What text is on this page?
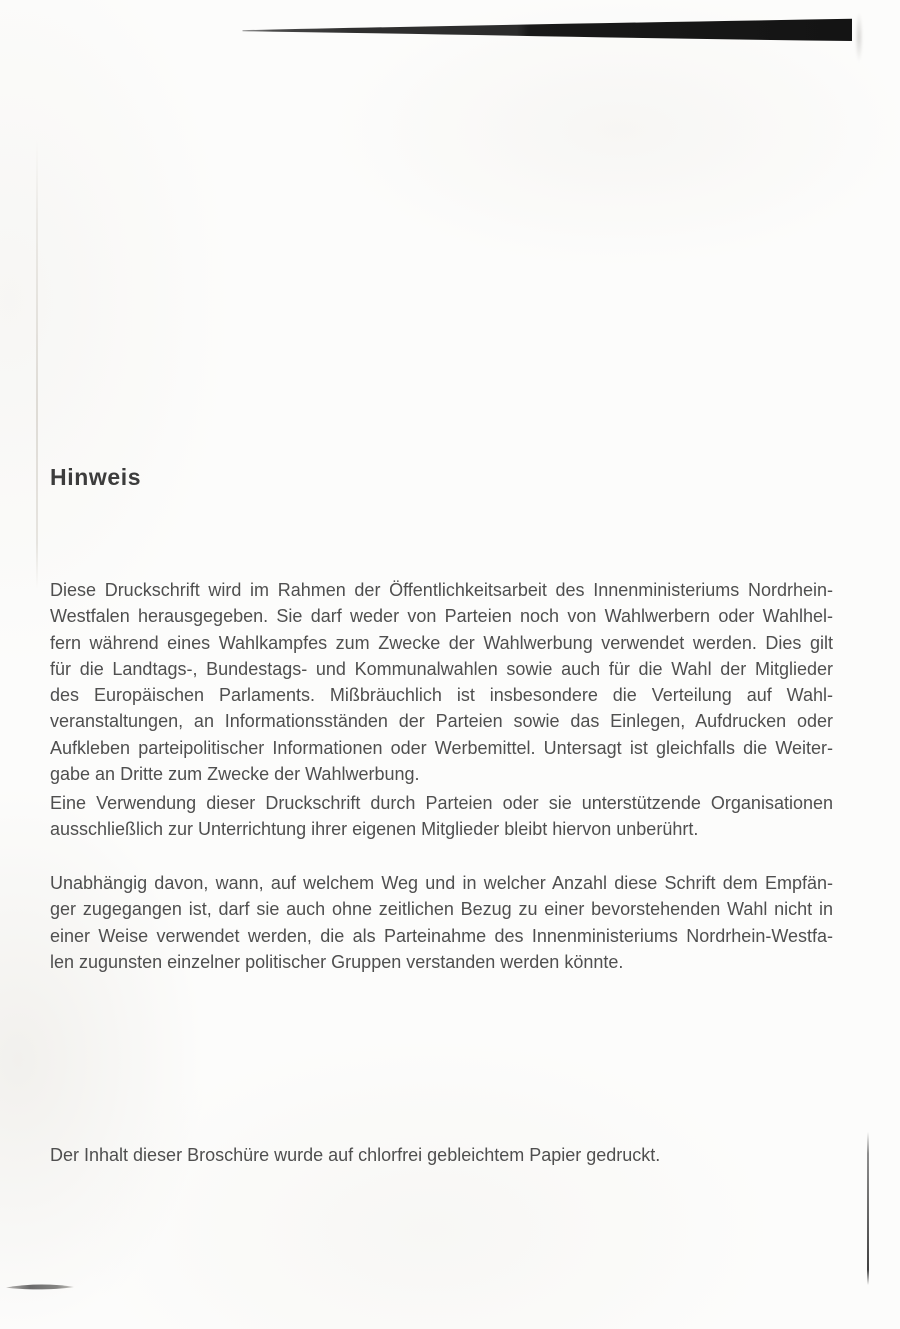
Hinweis
Diese Druckschrift wird im Rahmen der Öffentlichkeitsarbeit des Innenministeriums Nordrhein-
Westfalen herausgegeben. Sie darf weder von Parteien noch von Wahlwerbern oder Wahlhel-
fern während eines Wahlkampfes zum Zwecke der Wahlwerbung verwendet werden. Dies gilt
für die Landtags-, Bundestags- und Kommunalwahlen sowie auch für die Wahl der Mitglieder
des Europäischen Parlaments. Mißbräuchlich ist insbesondere die Verteilung auf Wahl-
veranstaltungen, an Informationsständen der Parteien sowie das Einlegen, Aufdrucken oder
Aufkleben parteipolitischer Informationen oder Werbemittel. Untersagt ist gleichfalls die Weiter-
gabe an Dritte zum Zwecke der Wahlwerbung.
Eine Verwendung dieser Druckschrift durch Parteien oder sie unterstützende Organisationen
ausschließlich zur Unterrichtung ihrer eigenen Mitglieder bleibt hiervon unberührt.
Unabhängig davon, wann, auf welchem Weg und in welcher Anzahl diese Schrift dem Empfän-
ger zugegangen ist, darf sie auch ohne zeitlichen Bezug zu einer bevorstehenden Wahl nicht in
einer Weise verwendet werden, die als Parteinahme des Innenministeriums Nordrhein-Westfa-
len zugunsten einzelner politischer Gruppen verstanden werden könnte.
Der Inhalt dieser Broschüre wurde auf chlorfrei gebleichtem Papier gedruckt.
